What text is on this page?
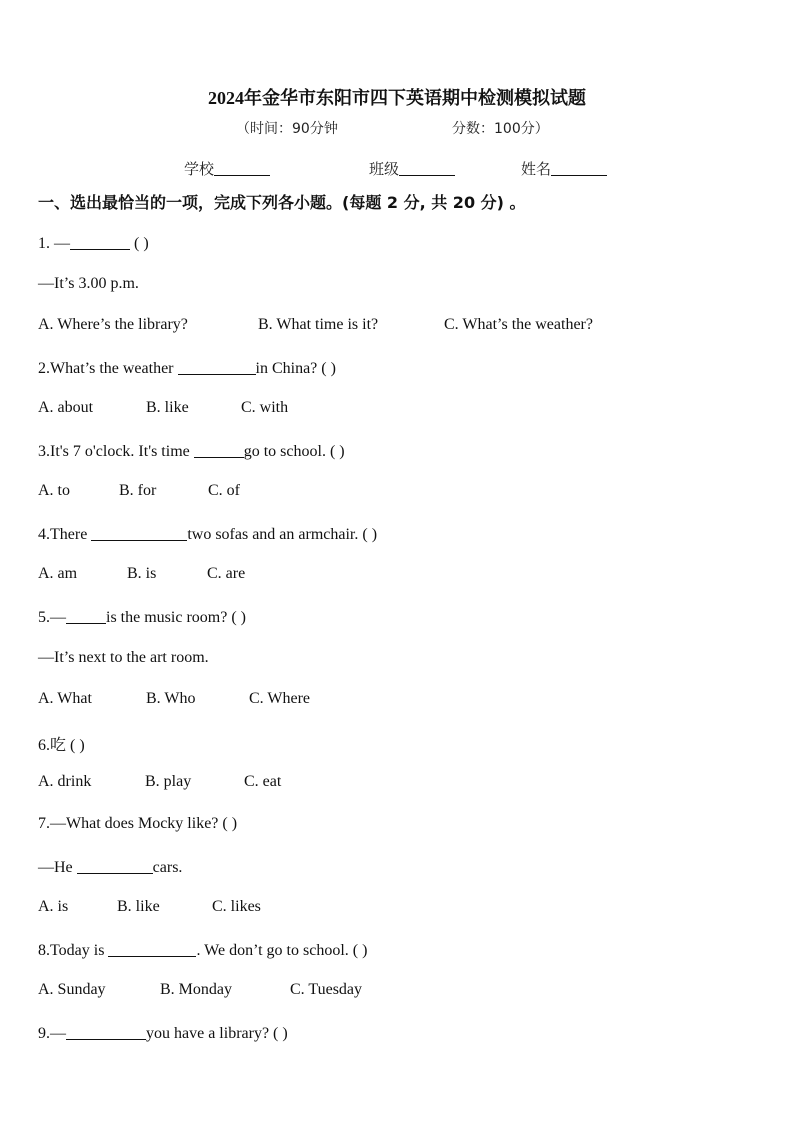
2024年金华市东阳市四下英语期中检测模拟试题
（时间：90分钟	分数：100分）
学校	班级	姓名
一、选出最恰当的一项，完成下列各小题。(每题 2 分, 共 20 分) 。
1. —	( )
—It’s 3.00 p.m.
A. Where’s the library?	B. What time is it?	C. What’s the weather?
2.What’s the weather	in China? ( )
A. about	B. like	C. with
3.It's 7 o'clock. It's time	go to school. ( )
A. to	B. for	C. of
4.There	two sofas and an armchair. ( )
A. am	B. is	C. are
5.—	is the music room? ( )
—It’s next to the art room.
A. What	B. Who	C. Where
6.吃 ( )
A. drink	B. play	C. eat
7.—What does Mocky like? ( )
—He	cars.
A. is	B. like	C. likes
8.Today is	. We don’t go to school. ( )
A. Sunday	B. Monday	C. Tuesday
9.—	you have a library? ( )
